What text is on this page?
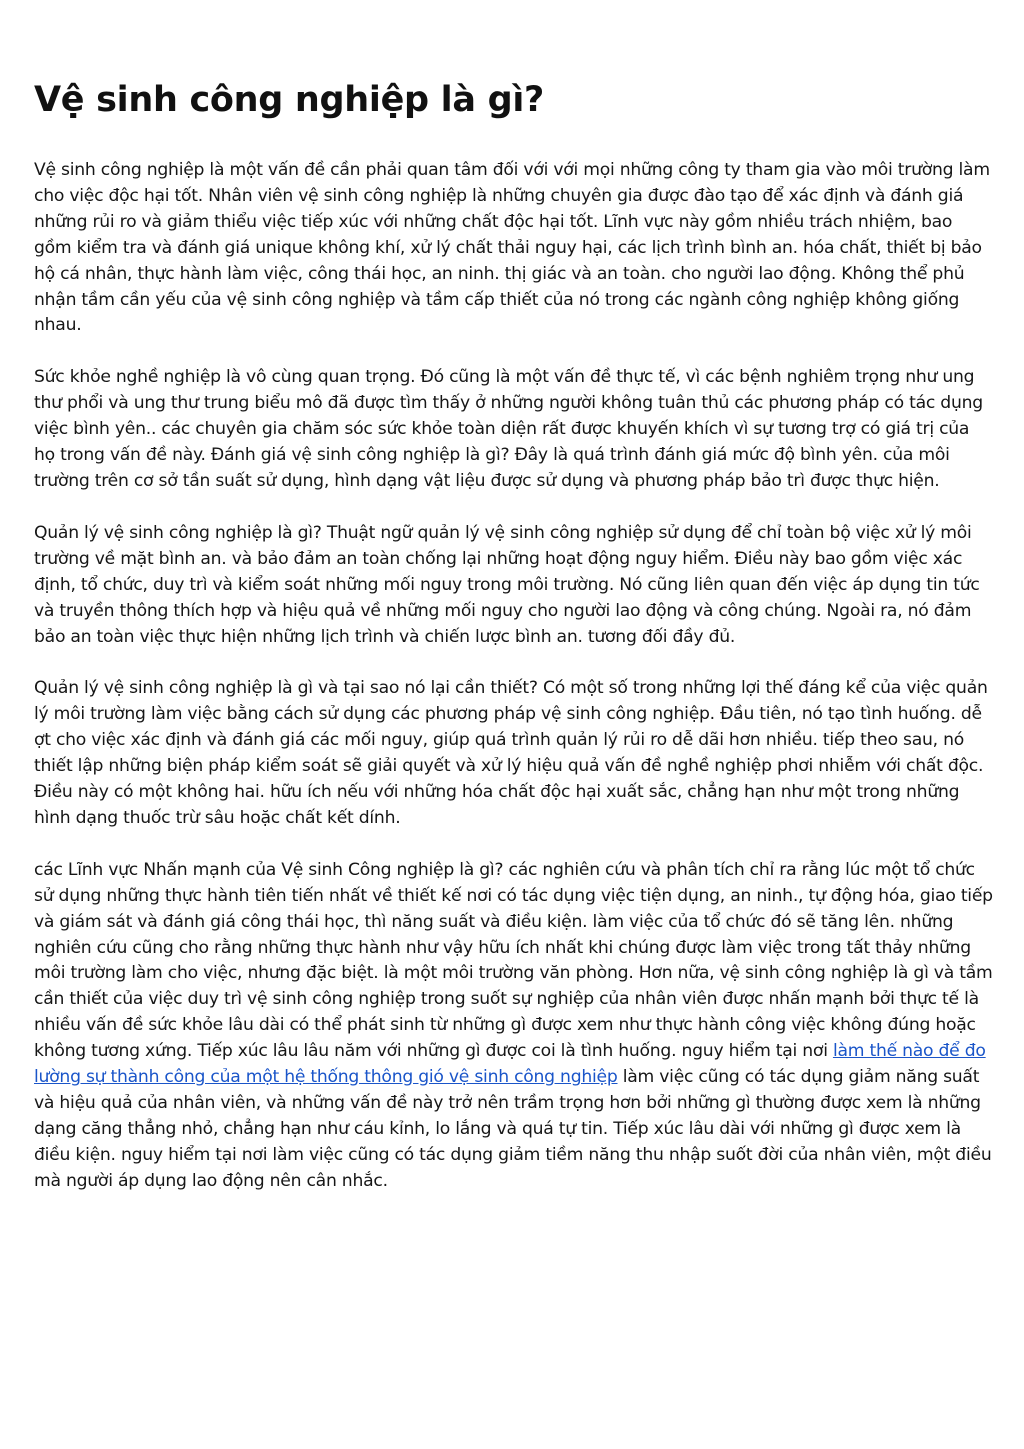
Vệ sinh công nghiệp là gì?

Vệ sinh công nghiệp là một vấn đề cần phải quan tâm đối với với mọi những công ty tham gia vào môi trường làm cho việc độc hại tốt. Nhân viên vệ sinh công nghiệp là những chuyên gia được đào tạo để xác định và đánh giá những rủi ro và giảm thiểu việc tiếp xúc với những chất độc hại tốt. Lĩnh vực này gồm nhiều trách nhiệm, bao gồm kiểm tra và đánh giá unique không khí, xử lý chất thải nguy hại, các lịch trình bình an. hóa chất, thiết bị bảo hộ cá nhân, thực hành làm việc, công thái học, an ninh. thị giác và an toàn. cho người lao động. Không thể phủ nhận tầm cần yếu của vệ sinh công nghiệp và tầm cấp thiết của nó trong các ngành công nghiệp không giống nhau.

Sức khỏe nghề nghiệp là vô cùng quan trọng. Đó cũng là một vấn đề thực tế, vì các bệnh nghiêm trọng như ung thư phổi và ung thư trung biểu mô đã được tìm thấy ở những người không tuân thủ các phương pháp có tác dụng việc bình yên.. các chuyên gia chăm sóc sức khỏe toàn diện rất được khuyến khích vì sự tương trợ có giá trị của họ trong vấn đề này. Đánh giá vệ sinh công nghiệp là gì? Đây là quá trình đánh giá mức độ bình yên. của môi trường trên cơ sở tần suất sử dụng, hình dạng vật liệu được sử dụng và phương pháp bảo trì được thực hiện.

Quản lý vệ sinh công nghiệp là gì? Thuật ngữ quản lý vệ sinh công nghiệp sử dụng để chỉ toàn bộ việc xử lý môi trường về mặt bình an. và bảo đảm an toàn chống lại những hoạt động nguy hiểm. Điều này bao gồm việc xác định, tổ chức, duy trì và kiểm soát những mối nguy trong môi trường. Nó cũng liên quan đến việc áp dụng tin tức và truyền thông thích hợp và hiệu quả về những mối nguy cho người lao động và công chúng. Ngoài ra, nó đảm bảo an toàn việc thực hiện những lịch trình và chiến lược bình an. tương đối đầy đủ.

Quản lý vệ sinh công nghiệp là gì và tại sao nó lại cần thiết? Có một số trong những lợi thế đáng kể của việc quản lý môi trường làm việc bằng cách sử dụng các phương pháp vệ sinh công nghiệp. Đầu tiên, nó tạo tình huống. dễ ợt cho việc xác định và đánh giá các mối nguy, giúp quá trình quản lý rủi ro dễ dãi hơn nhiều. tiếp theo sau, nó thiết lập những biện pháp kiểm soát sẽ giải quyết và xử lý hiệu quả vấn đề nghề nghiệp phơi nhiễm với chất độc. Điều này có một không hai. hữu ích nếu với những hóa chất độc hại xuất sắc, chẳng hạn như một trong những hình dạng thuốc trừ sâu hoặc chất kết dính.

các Lĩnh vực Nhấn mạnh của Vệ sinh Công nghiệp là gì? các nghiên cứu và phân tích chỉ ra rằng lúc một tổ chức sử dụng những thực hành tiên tiến nhất về thiết kế nơi có tác dụng việc tiện dụng, an ninh., tự động hóa, giao tiếp và giám sát và đánh giá công thái học, thì năng suất và điều kiện. làm việc của tổ chức đó sẽ tăng lên. những nghiên cứu cũng cho rằng những thực hành như vậy hữu ích nhất khi chúng được làm việc trong tất thảy những môi trường làm cho việc, nhưng đặc biệt. là một môi trường văn phòng. Hơn nữa, vệ sinh công nghiệp là gì và tầm cần thiết của việc duy trì vệ sinh công nghiệp trong suốt sự nghiệp của nhân viên được nhấn mạnh bởi thực tế là nhiều vấn đề sức khỏe lâu dài có thể phát sinh từ những gì được xem như thực hành công việc không đúng hoặc không tương xứng. Tiếp xúc lâu lâu năm với những gì được coi là tình huống. nguy hiểm tại nơi làm thế nào để đo lường sự thành công của một hệ thống thông gió vệ sinh công nghiệp làm việc cũng có tác dụng giảm năng suất và hiệu quả của nhân viên, và những vấn đề này trở nên trầm trọng hơn bởi những gì thường được xem là những dạng căng thẳng nhỏ, chẳng hạn như cáu kỉnh, lo lắng và quá tự tin. Tiếp xúc lâu dài với những gì được xem là điều kiện. nguy hiểm tại nơi làm việc cũng có tác dụng giảm tiềm năng thu nhập suốt đời của nhân viên, một điều mà người áp dụng lao động nên cân nhắc.
